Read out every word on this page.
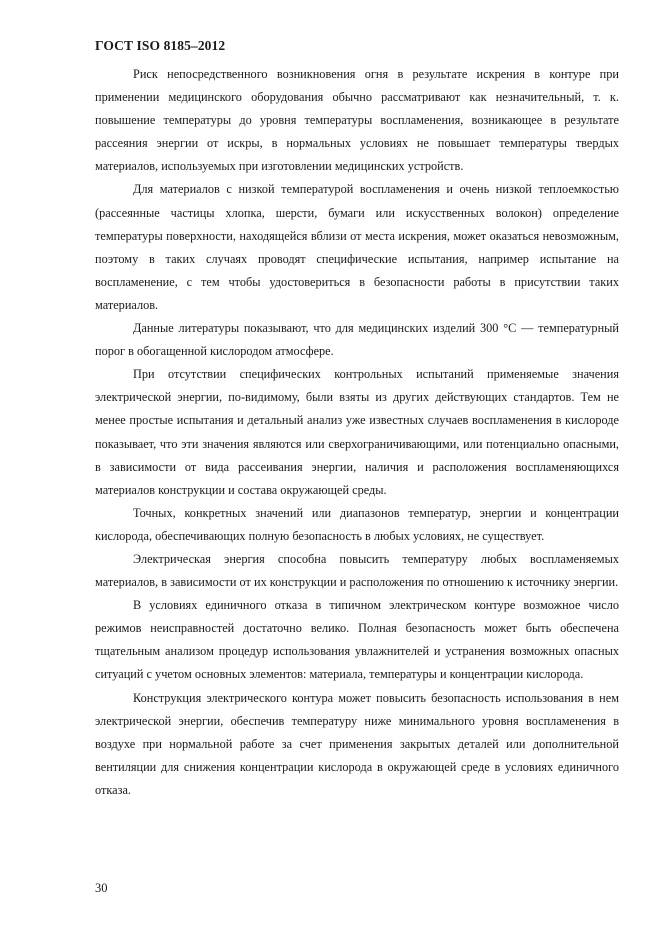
ГОСТ ISO 8185–2012

Риск непосредственного возникновения огня в результате искрения в контуре при применении медицинского оборудования обычно рассматривают как незначительный, т. к. повышение температуры до уровня температуры воспламенения, возникающее в результате рассеяния энергии от искры, в нормальных условиях не повышает температуры твердых материалов, используемых при изготовлении медицинских устройств.

Для материалов с низкой температурой воспламенения и очень низкой теплоемкостью (рассеянные частицы хлопка, шерсти, бумаги или искусственных волокон) определение температуры поверхности, находящейся вблизи от места искрения, может оказаться невозможным, поэтому в таких случаях проводят специфические испытания, например испытание на воспламенение, с тем чтобы удостовериться в безопасности работы в присутствии таких материалов.

Данные литературы показывают, что для медицинских изделий 300 °С — температурный порог в обогащенной кислородом атмосфере.

При отсутствии специфических контрольных испытаний применяемые значения электрической энергии, по-видимому, были взяты из других действующих стандартов. Тем не менее простые испытания и детальный анализ уже известных случаев воспламенения в кислороде показывает, что эти значения являются или сверхограничивающими, или потенциально опасными, в зависимости от вида рассеивания энергии, наличия и расположения воспламеняющихся материалов конструкции и состава окружающей среды.

Точных, конкретных значений или диапазонов температур, энергии и концентрации кислорода, обеспечивающих полную безопасность в любых условиях, не существует.

Электрическая энергия способна повысить температуру любых воспламеняемых материалов, в зависимости от их конструкции и расположения по отношению к источнику энергии.

В условиях единичного отказа в типичном электрическом контуре возможное число режимов неисправностей достаточно велико. Полная безопасность может быть обеспечена тщательным анализом процедур использования увлажнителей и устранения возможных опасных ситуаций с учетом основных элементов: материала, температуры и концентрации кислорода.

Конструкция электрического контура может повысить безопасность использования в нем электрической энергии, обеспечив температуру ниже минимального уровня воспламенения в воздухе при нормальной работе за счет применения закрытых деталей или дополнительной вентиляции для снижения концентрации кислорода в окружающей среде в условиях единичного отказа.

30
